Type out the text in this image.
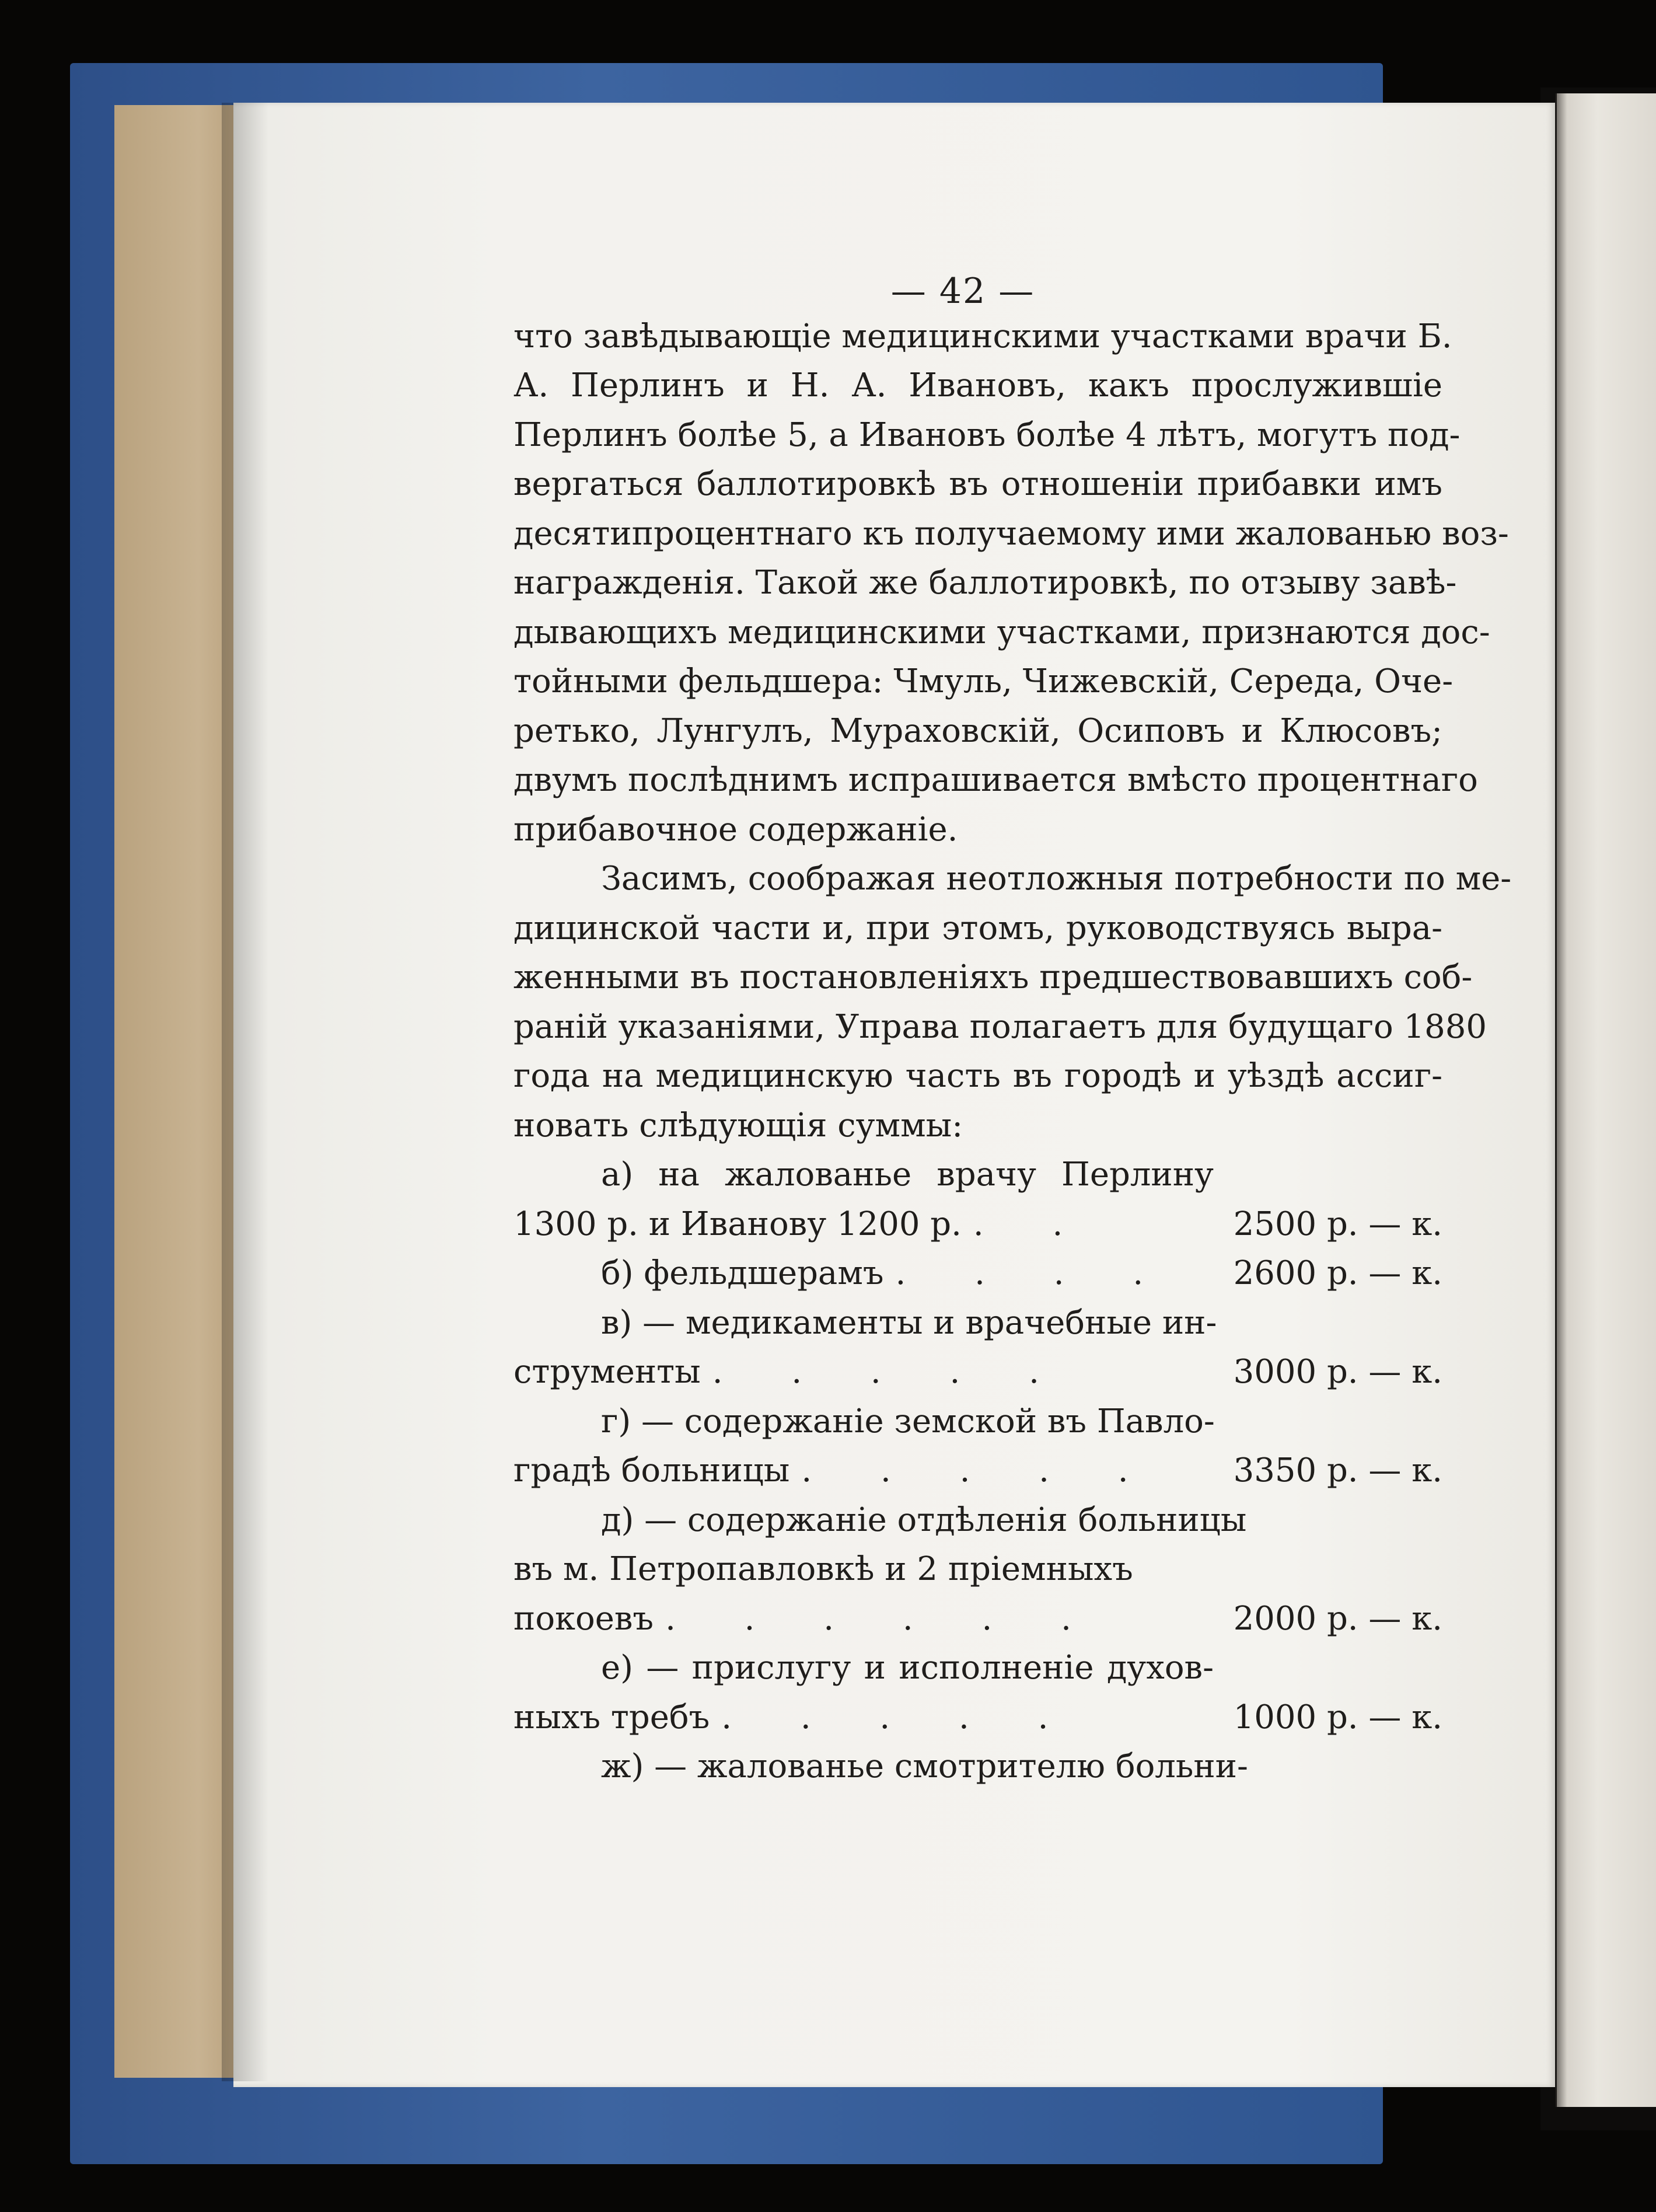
— 42 —
что завѣдывающіе медицинскими участками врачи Б.
А. Перлинъ и Н. А. Ивановъ, какъ прослужившіе
Перлинъ болѣе 5, а Ивановъ болѣе 4 лѣтъ, могутъ под-
вергаться баллотировкѣ въ отношеніи прибавки имъ
десятипроцентнаго къ получаемому ими жалованью воз-
награжденія. Такой же баллотировкѣ, по отзыву завѣ-
дывающихъ медицинскими участками, признаются дос-
тойными фельдшера: Чмуль, Чижевскій, Середа, Оче-
ретько, Лунгулъ, Мураховскій, Осиповъ и Клюсовъ;
двумъ послѣднимъ испрашивается вмѣсто процентнаго
прибавочное содержаніе.
Засимъ, соображая неотложныя потребности по ме-
дицинской части и, при этомъ, руководствуясь выра-
женными въ постановленіяхъ предшествовавшихъ соб-
раній указаніями, Управа полагаетъ для будущаго 1880
года на медицинскую часть въ городѣ и уѣздѣ ассиг-
новать слѣдующія суммы:
а) на жалованье врачу Перлину
1300 р. и Иванову 1200 р. . .	2500 р. — к.
б) фельдшерамъ . . . .	2600 р. — к.
в) — медикаменты и врачебные ин-
струменты . . . . .	3000 р. — к.
г) — содержаніе земской въ Павло-
градѣ больницы . . . . .	3350 р. — к.
д) — содержаніе отдѣленія больницы
въ м. Петропавловкѣ и 2 пріемныхъ
покоевъ . . . . . .	2000 р. — к.
е) — прислугу и исполненіе духов-
ныхъ требъ . . . . .	1000 р. — к.
ж) — жалованье смотрителю больни-
